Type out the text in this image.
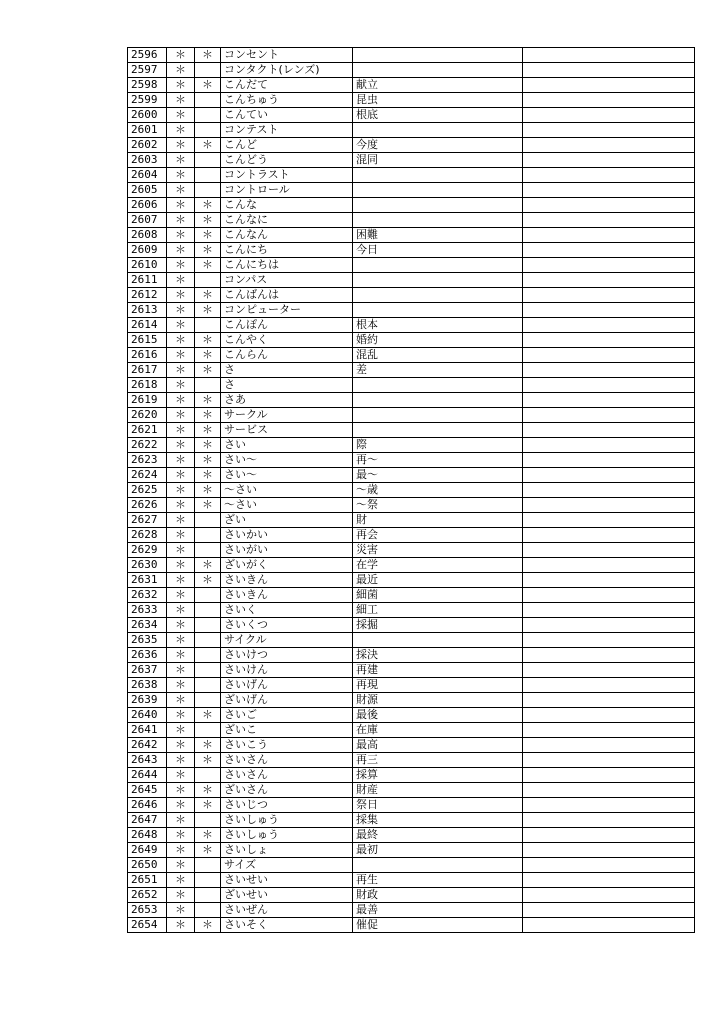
2596	＊	＊	コンセント		
2597	＊		コンタクト(レンズ)		
2598	＊	＊	こんだて	献立	
2599	＊		こんちゅう	昆虫	
2600	＊		こんてい	根底	
2601	＊		コンテスト		
2602	＊	＊	こんど	今度	
2603	＊		こんどう	混同	
2604	＊		コントラスト		
2605	＊		コントロール		
2606	＊	＊	こんな		
2607	＊	＊	こんなに		
2608	＊	＊	こんなん	困難	
2609	＊	＊	こんにち	今日	
2610	＊	＊	こんにちは		
2611	＊		コンパス		
2612	＊	＊	こんばんは		
2613	＊	＊	コンピューター		
2614	＊		こんぽん	根本	
2615	＊	＊	こんやく	婚約	
2616	＊	＊	こんらん	混乱	
2617	＊	＊	さ	差	
2618	＊		さ		
2619	＊	＊	さあ		
2620	＊	＊	サークル		
2621	＊	＊	サービス		
2622	＊	＊	さい	際	
2623	＊	＊	さい～	再～	
2624	＊	＊	さい～	最～	
2625	＊	＊	～さい	～歳	
2626	＊	＊	～さい	～祭	
2627	＊		ざい	財	
2628	＊		さいかい	再会	
2629	＊		さいがい	災害	
2630	＊	＊	ざいがく	在学	
2631	＊	＊	さいきん	最近	
2632	＊		さいきん	細菌	
2633	＊		さいく	細工	
2634	＊		さいくつ	採掘	
2635	＊		サイクル		
2636	＊		さいけつ	採決	
2637	＊		さいけん	再建	
2638	＊		さいげん	再現	
2639	＊		ざいげん	財源	
2640	＊	＊	さいご	最後	
2641	＊		ざいこ	在庫	
2642	＊	＊	さいこう	最高	
2643	＊	＊	さいさん	再三	
2644	＊		さいさん	採算	
2645	＊	＊	ざいさん	財産	
2646	＊	＊	さいじつ	祭日	
2647	＊		さいしゅう	採集	
2648	＊	＊	さいしゅう	最終	
2649	＊	＊	さいしょ	最初	
2650	＊		サイズ		
2651	＊		さいせい	再生	
2652	＊		ざいせい	財政	
2653	＊		さいぜん	最善	
2654	＊	＊	さいそく	催促	
